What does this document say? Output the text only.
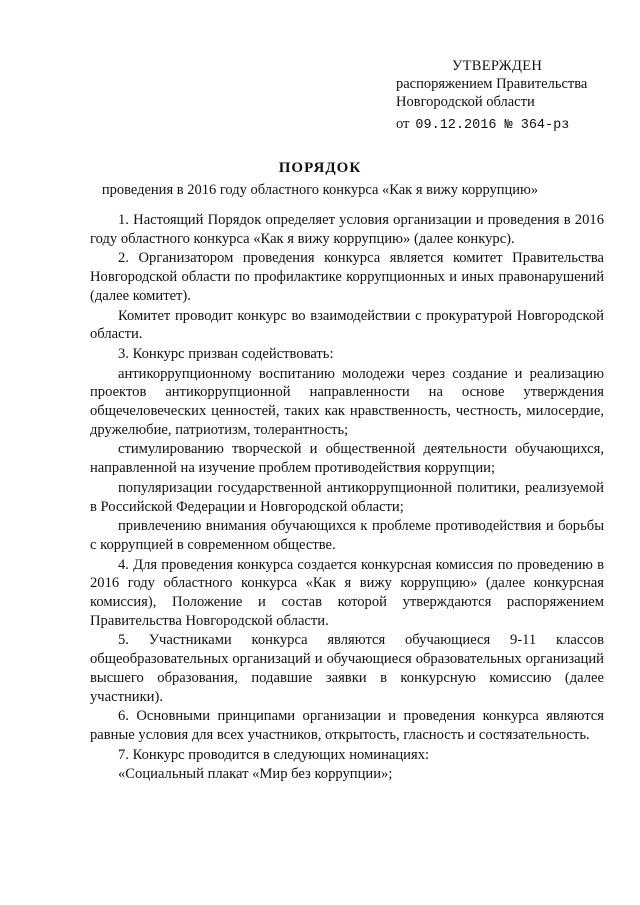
УТВЕРЖДЕН
распоряжением Правительства
Новгородской области
от 09.12.2016 № 364-рз
ПОРЯДОК
проведения в 2016 году областного конкурса «Как я вижу коррупцию»

1. Настоящий Порядок определяет условия организации и проведения в 2016 году областного конкурса «Как я вижу коррупцию» (далее конкурс).

2. Организатором проведения конкурса является комитет Правительства Новгородской области по профилактике коррупционных и иных правонарушений (далее комитет).

Комитет проводит конкурс во взаимодействии с прокуратурой Новгородской области.

3. Конкурс призван содействовать:

антикоррупционному воспитанию молодежи через создание и реализацию проектов антикоррупционной направленности на основе утверждения общечеловеческих ценностей, таких как нравственность, честность, милосердие, дружелюбие, патриотизм, толерантность;

стимулированию творческой и общественной деятельности обучающихся, направленной на изучение проблем противодействия коррупции;

популяризации государственной антикоррупционной политики, реализуемой в Российской Федерации и Новгородской области;

привлечению внимания обучающихся к проблеме противодействия и борьбы с коррупцией в современном обществе.

4. Для проведения конкурса создается конкурсная комиссия по проведению в 2016 году областного конкурса «Как я вижу коррупцию» (далее конкурсная комиссия), Положение и состав которой утверждаются распоряжением Правительства Новгородской области.

5. Участниками конкурса являются обучающиеся 9-11 классов общеобразовательных организаций и обучающиеся образовательных организаций высшего образования, подавшие заявки в конкурсную комиссию (далее участники).

6. Основными принципами организации и проведения конкурса являются равные условия для всех участников, открытость, гласность и состязательность.

7. Конкурс проводится в следующих номинациях:

«Социальный плакат «Мир без коррупции»;
